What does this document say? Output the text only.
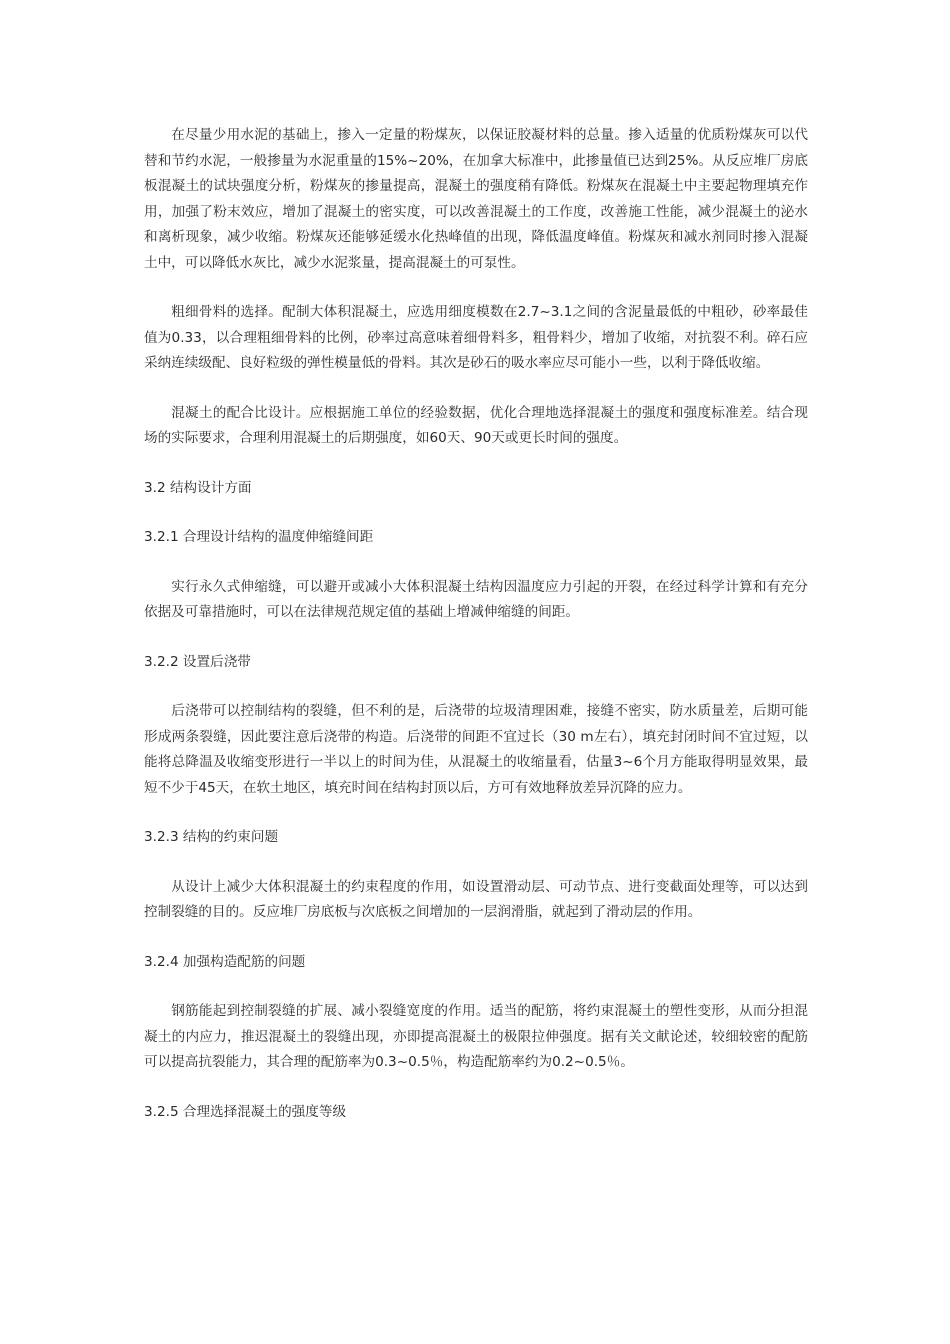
在尽量少用水泥的基础上，掺入一定量的粉煤灰，以保证胶凝材料的总量。掺入适量的优质粉煤灰可以代替和节约水泥，一般掺量为水泥重量的15%~20%，在加拿大标准中，此掺量值已达到25%。从反应堆厂房底板混凝土的试块强度分析，粉煤灰的掺量提高，混凝土的强度稍有降低。粉煤灰在混凝土中主要起物理填充作用，加强了粉末效应，增加了混凝土的密实度，可以改善混凝土的工作度，改善施工性能，减少混凝土的泌水和离析现象，减少收缩。粉煤灰还能够延缓水化热峰值的出现，降低温度峰值。粉煤灰和减水剂同时掺入混凝土中，可以降低水灰比，减少水泥浆量，提高混凝土的可泵性。

粗细骨料的选择。配制大体积混凝土，应选用细度模数在2.7~3.1之间的含泥量最低的中粗砂，砂率最佳值为0.33，以合理粗细骨料的比例，砂率过高意味着细骨料多，粗骨料少，增加了收缩，对抗裂不利。碎石应采纳连续级配、良好粒级的弹性模量低的骨料。其次是砂石的吸水率应尽可能小一些，以利于降低收缩。

混凝土的配合比设计。应根据施工单位的经验数据，优化合理地选择混凝土的强度和强度标准差。结合现场的实际要求，合理利用混凝土的后期强度，如60天、90天或更长时间的强度。

3.2 结构设计方面

3.2.1 合理设计结构的温度伸缩缝间距

实行永久式伸缩缝，可以避开或减小大体积混凝土结构因温度应力引起的开裂，在经过科学计算和有充分依据及可靠措施时，可以在法律规范规定值的基础上增减伸缩缝的间距。

3.2.2 设置后浇带

后浇带可以控制结构的裂缝，但不利的是，后浇带的垃圾清理困难，接缝不密实，防水质量差，后期可能形成两条裂缝，因此要注意后浇带的构造。后浇带的间距不宜过长（30 m左右），填充封闭时间不宜过短，以能将总降温及收缩变形进行一半以上的时间为佳，从混凝土的收缩量看，估量3~6个月方能取得明显效果，最短不少于45天，在软土地区，填充时间在结构封顶以后，方可有效地释放差异沉降的应力。

3.2.3 结构的约束问题

从设计上减少大体积混凝土的约束程度的作用，如设置滑动层、可动节点、进行变截面处理等，可以达到控制裂缝的目的。反应堆厂房底板与次底板之间增加的一层润滑脂，就起到了滑动层的作用。

3.2.4 加强构造配筋的问题

钢筋能起到控制裂缝的扩展、减小裂缝宽度的作用。适当的配筋，将约束混凝土的塑性变形，从而分担混凝土的内应力，推迟混凝土的裂缝出现，亦即提高混凝土的极限拉伸强度。据有关文献论述，较细较密的配筋可以提高抗裂能力，其合理的配筋率为0.3~0.5％，构造配筋率约为0.2~0.5％。

3.2.5 合理选择混凝土的强度等级
